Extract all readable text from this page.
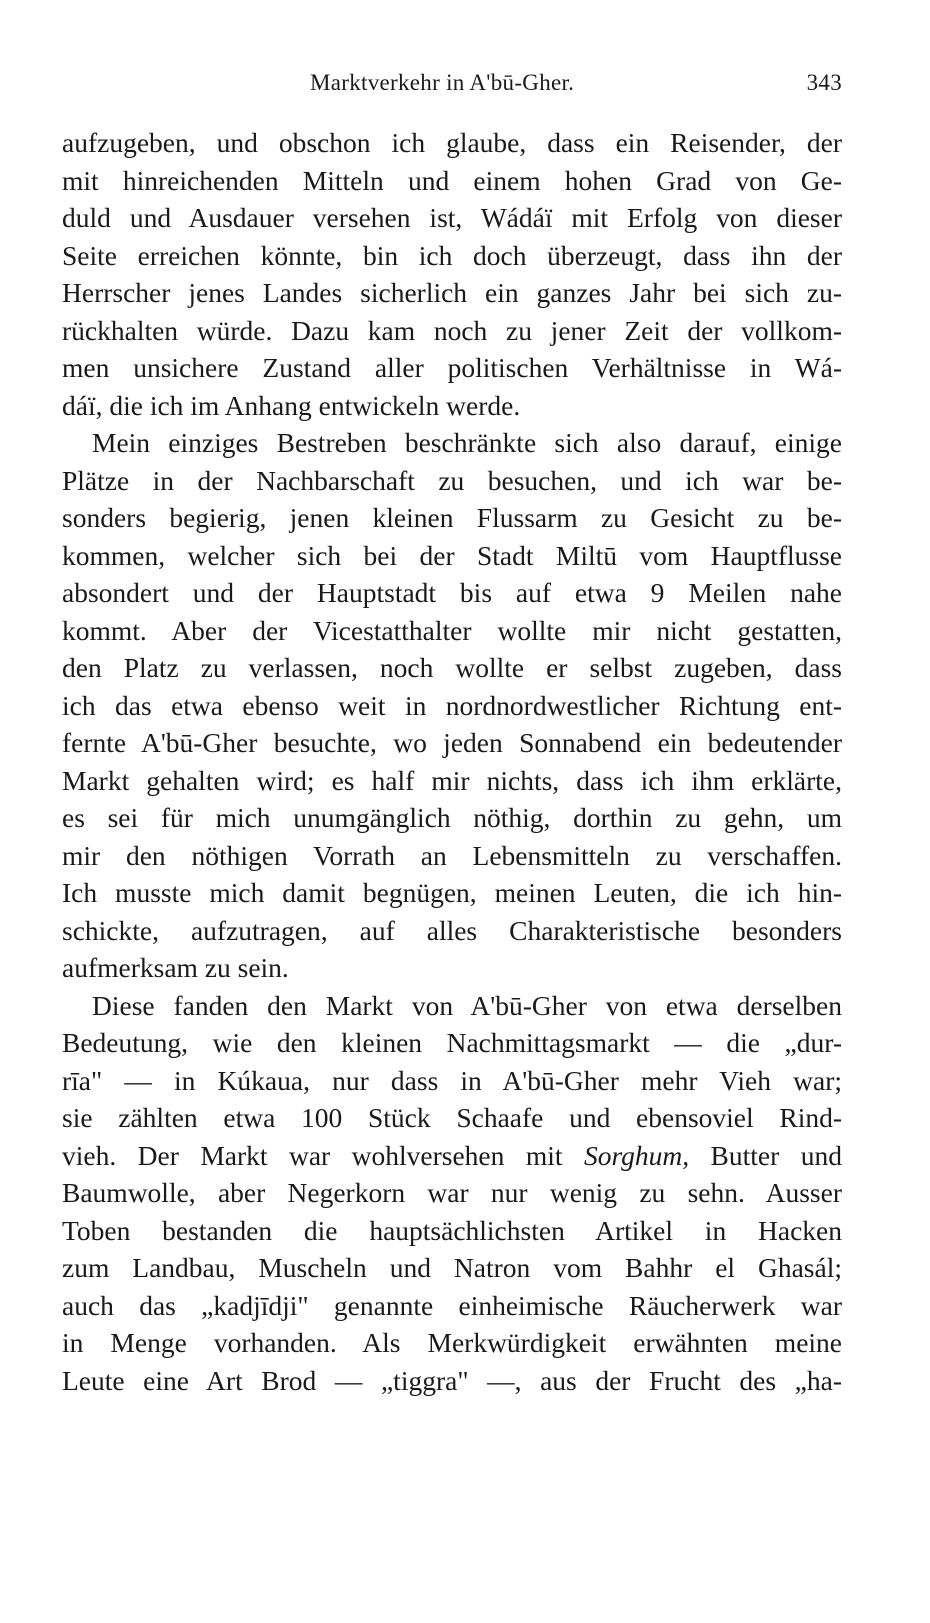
Marktverkehr in A'bū-Gher.	343
aufzugeben, und obschon ich glaube, dass ein Reisender, der
mit hinreichenden Mitteln und einem hohen Grad von Ge-
duld und Ausdauer versehen ist, Wádáï mit Erfolg von dieser
Seite erreichen könnte, bin ich doch überzeugt, dass ihn der
Herrscher jenes Landes sicherlich ein ganzes Jahr bei sich zu-
rückhalten würde. Dazu kam noch zu jener Zeit der vollkom-
men unsichere Zustand aller politischen Verhältnisse in Wá-
dáï, die ich im Anhang entwickeln werde.
Mein einziges Bestreben beschränkte sich also darauf, einige
Plätze in der Nachbarschaft zu besuchen, und ich war be-
sonders begierig, jenen kleinen Flussarm zu Gesicht zu be-
kommen, welcher sich bei der Stadt Miltū vom Hauptflusse
absondert und der Hauptstadt bis auf etwa 9 Meilen nahe
kommt. Aber der Vicestatthalter wollte mir nicht gestatten,
den Platz zu verlassen, noch wollte er selbst zugeben, dass
ich das etwa ebenso weit in nordnordwestlicher Richtung ent-
fernte A'bū-Gher besuchte, wo jeden Sonnabend ein bedeutender
Markt gehalten wird; es half mir nichts, dass ich ihm erklärte,
es sei für mich unumgänglich nöthig, dorthin zu gehn, um
mir den nöthigen Vorrath an Lebensmitteln zu verschaffen.
Ich musste mich damit begnügen, meinen Leuten, die ich hin-
schickte, aufzutragen, auf alles Charakteristische besonders
aufmerksam zu sein.
Diese fanden den Markt von A'bū-Gher von etwa derselben
Bedeutung, wie den kleinen Nachmittagsmarkt — die „dur-
rīa" — in Kúkaua, nur dass in A'bū-Gher mehr Vieh war;
sie zählten etwa 100 Stück Schaafe und ebensoviel Rind-
vieh. Der Markt war wohlversehen mit Sorghum, Butter und
Baumwolle, aber Negerkorn war nur wenig zu sehn. Ausser
Toben bestanden die hauptsächlichsten Artikel in Hacken
zum Landbau, Muscheln und Natron vom Bahhr el Ghasál;
auch das „kadjīdji" genannte einheimische Räucherwerk war
in Menge vorhanden. Als Merkwürdigkeit erwähnten meine
Leute eine Art Brod — „tiggra" —, aus der Frucht des „ha-
